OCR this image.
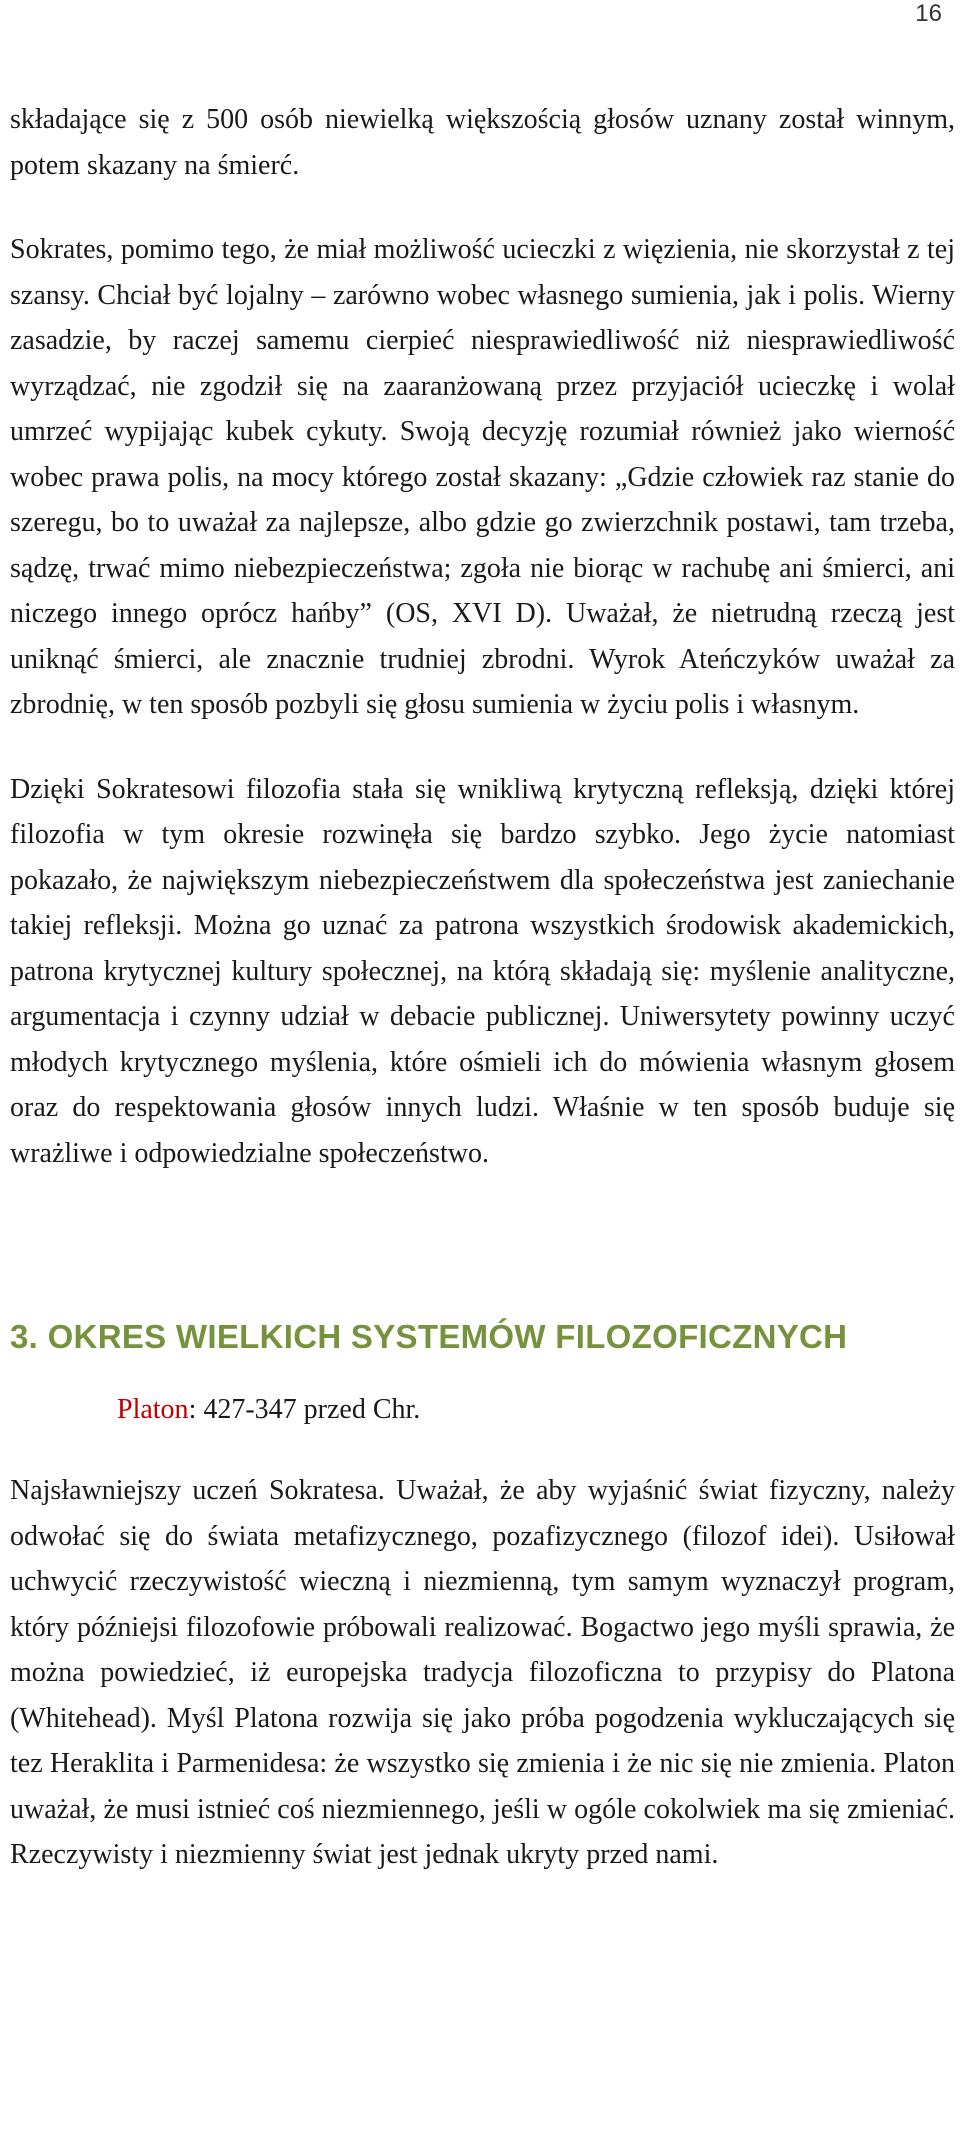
16

składające się z 500 osób niewielką większością głosów uznany został winnym, potem skazany na śmierć.

Sokrates, pomimo tego, że miał możliwość ucieczki z więzienia, nie skorzystał z tej szansy. Chciał być lojalny – zarówno wobec własnego sumienia, jak i polis. Wierny zasadzie, by raczej samemu cierpieć niesprawiedliwość niż niesprawiedliwość wyrządzać, nie zgodził się na zaaranżowaną przez przyjaciół ucieczkę i wolał umrzeć wypijając kubek cykuty. Swoją decyzję rozumiał również jako wierność wobec prawa polis, na mocy którego został skazany: „Gdzie człowiek raz stanie do szeregu, bo to uważał za najlepsze, albo gdzie go zwierzchnik postawi, tam trzeba, sądzę, trwać mimo niebezpieczeństwa; zgoła nie biorąc w rachubę ani śmierci, ani niczego innego oprócz hańby” (OS, XVI D). Uważał, że nietrudną rzeczą jest uniknąć śmierci, ale znacznie trudniej zbrodni. Wyrok Ateńczyków uważał za zbrodnię, w ten sposób pozbyli się głosu sumienia w życiu polis i własnym.

Dzięki Sokratesowi filozofia stała się wnikliwą krytyczną refleksją, dzięki której filozofia w tym okresie rozwinęła się bardzo szybko. Jego życie natomiast pokazało, że największym niebezpieczeństwem dla społeczeństwa jest zaniechanie takiej refleksji. Można go uznać za patrona wszystkich środowisk akademickich, patrona krytycznej kultury społecznej, na którą składają się: myślenie analityczne, argumentacja i czynny udział w debacie publicznej. Uniwersytety powinny uczyć młodych krytycznego myślenia, które ośmieli ich do mówienia własnym głosem oraz do respektowania głosów innych ludzi. Właśnie w ten sposób buduje się wrażliwe i odpowiedzialne społeczeństwo.

3. OKRES WIELKICH SYSTEMÓW FILOZOFICZNYCH
Platon: 427-347 przed Chr.

Najsławniejszy uczeń Sokratesa. Uważał, że aby wyjaśnić świat fizyczny, należy odwołać się do świata metafizycznego, pozafizycznego (filozof idei). Usiłował uchwycić rzeczywistość wieczną i niezmienną, tym samym wyznaczył program, który późniejsi filozofowie próbowali realizować. Bogactwo jego myśli sprawia, że można powiedzieć, iż europejska tradycja filozoficzna to przypisy do Platona (Whitehead). Myśl Platona rozwija się jako próba pogodzenia wykluczających się tez Heraklita i Parmenidesa: że wszystko się zmienia i że nic się nie zmienia. Platon uważał, że musi istnieć coś niezmiennego, jeśli w ogóle cokolwiek ma się zmieniać. Rzeczywisty i niezmienny świat jest jednak ukryty przed nami.
